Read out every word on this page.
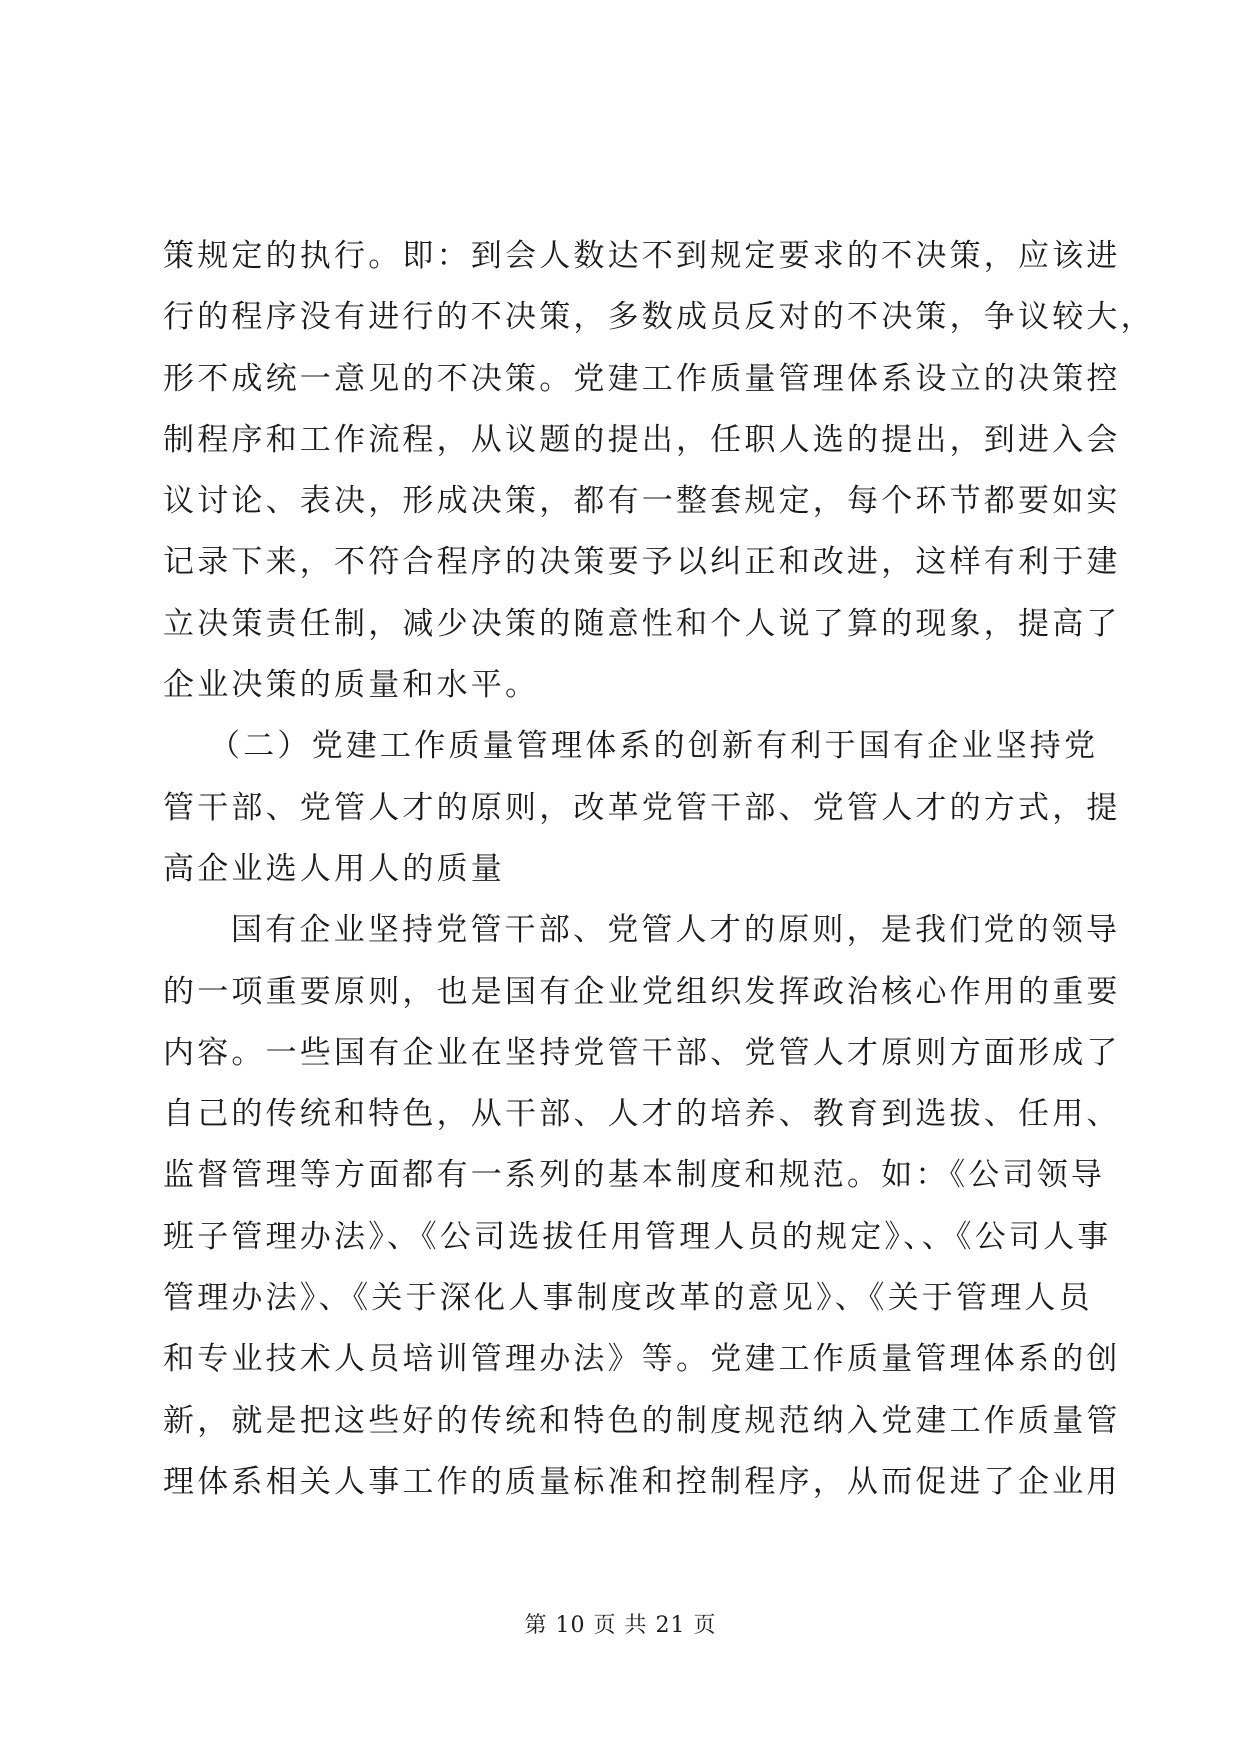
策规定的执行。即：到会人数达不到规定要求的不决策，应该进
行的程序没有进行的不决策，多数成员反对的不决策，争议较大，
形不成统一意见的不决策。党建工作质量管理体系设立的决策控
制程序和工作流程，从议题的提出，任职人选的提出，到进入会
议讨论、表决，形成决策，都有一整套规定，每个环节都要如实
记录下来，不符合程序的决策要予以纠正和改进，这样有利于建
立决策责任制，减少决策的随意性和个人说了算的现象，提高了
企业决策的质量和水平。
（二）党建工作质量管理体系的创新有利于国有企业坚持党
管干部、党管人才的原则，改革党管干部、党管人才的方式，提
高企业选人用人的质量
国有企业坚持党管干部、党管人才的原则，是我们党的领导
的一项重要原则，也是国有企业党组织发挥政治核心作用的重要
内容。一些国有企业在坚持党管干部、党管人才原则方面形成了
自己的传统和特色，从干部、人才的培养、教育到选拔、任用、
监督管理等方面都有一系列的基本制度和规范。如：《公司领导
班子管理办法》、《公司选拔任用管理人员的规定》、、《公司人事
管理办法》、《关于深化人事制度改革的意见》、《关于管理人员
和专业技术人员培训管理办法》等。党建工作质量管理体系的创
新，就是把这些好的传统和特色的制度规范纳入党建工作质量管
理体系相关人事工作的质量标准和控制程序，从而促进了企业用
第 10 页 共 21 页
